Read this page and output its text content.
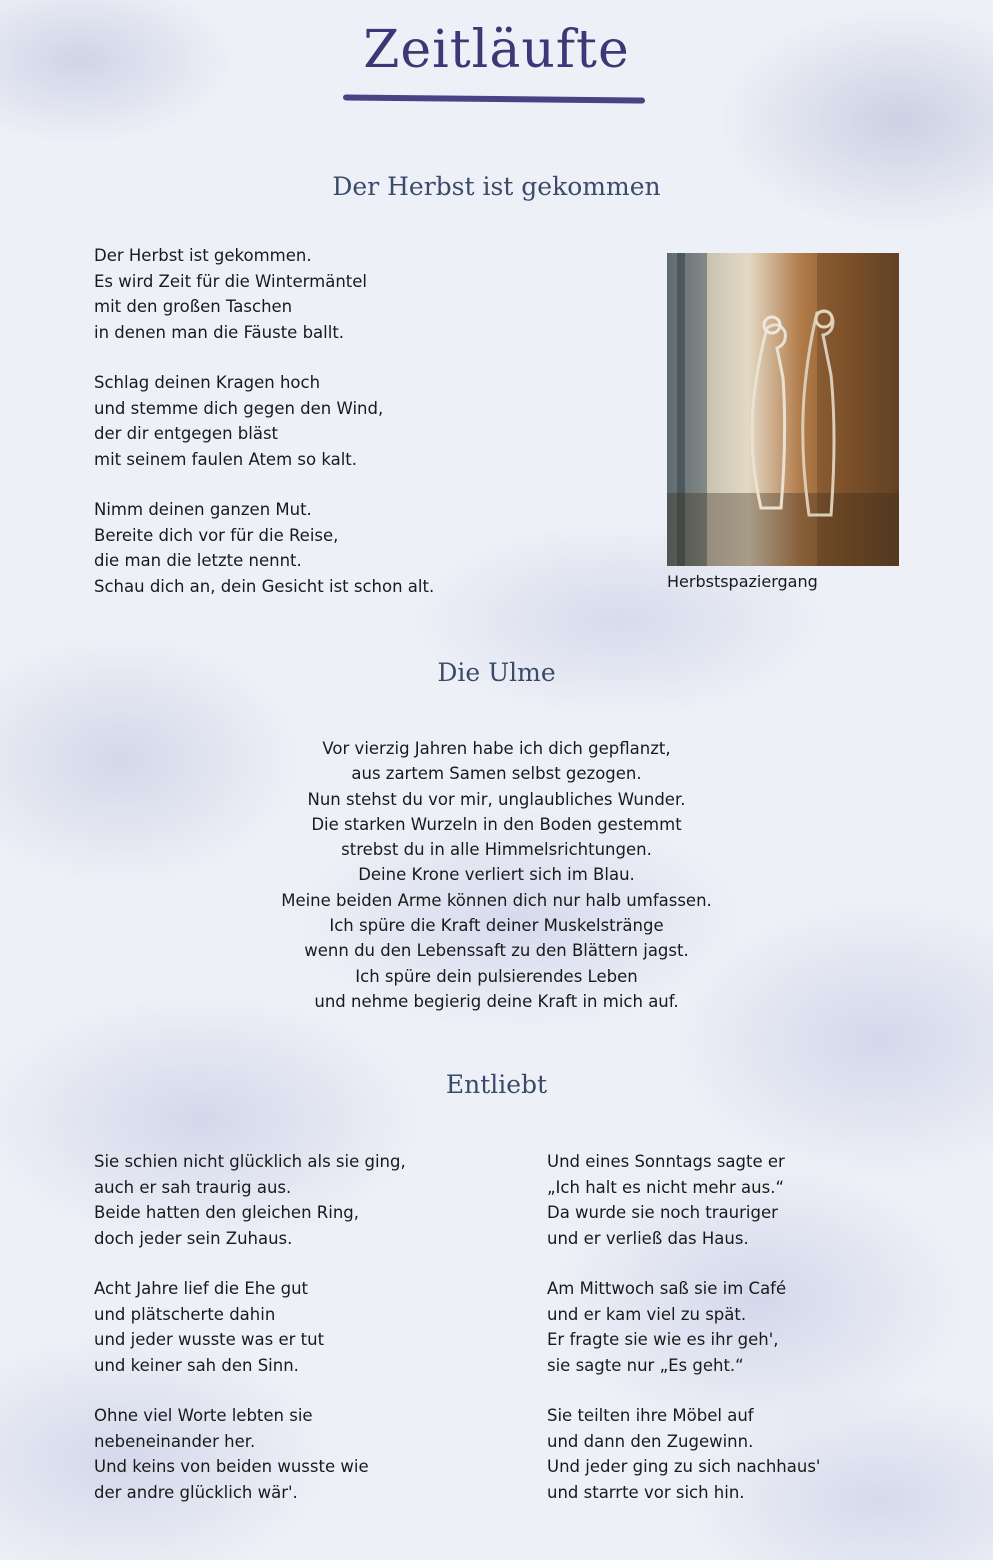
Zeitläufte
Der Herbst ist gekommen
Der Herbst ist gekommen.
Es wird Zeit für die Wintermäntel
mit den großen Taschen
in denen man die Fäuste ballt.
Schlag deinen Kragen hoch
und stemme dich gegen den Wind,
der dir entgegen bläst
mit seinem faulen Atem so kalt.
Nimm deinen ganzen Mut.
Bereite dich vor für die Reise,
die man die letzte nennt.
Schau dich an, dein Gesicht ist schon alt.	Herbstspaziergang
Die Ulme
Vor vierzig Jahren habe ich dich gepflanzt,
aus zartem Samen selbst gezogen.
Nun stehst du vor mir, unglaubliches Wunder.
Die starken Wurzeln in den Boden gestemmt
strebst du in alle Himmelsrichtungen.
Deine Krone verliert sich im Blau.
Meine beiden Arme können dich nur halb umfassen.
Ich spüre die Kraft deiner Muskelstränge
wenn du den Lebenssaft zu den Blättern jagst.
Ich spüre dein pulsierendes Leben
und nehme begierig deine Kraft in mich auf.
Entliebt
Sie schien nicht glücklich als sie ging,
auch er sah traurig aus.
Beide hatten den gleichen Ring,
doch jeder sein Zuhaus.
Acht Jahre lief die Ehe gut
und plätscherte dahin
und jeder wusste was er tut
und keiner sah den Sinn.
Ohne viel Worte lebten sie
nebeneinander her.
Und keins von beiden wusste wie
der andre glücklich wär'.
Und eines Sonntags sagte er
„Ich halt es nicht mehr aus.“
Da wurde sie noch trauriger
und er verließ das Haus.
Am Mittwoch saß sie im Café
und er kam viel zu spät.
Er fragte sie wie es ihr geh',
sie sagte nur „Es geht.“
Sie teilten ihre Möbel auf
und dann den Zugewinn.
Und jeder ging zu sich nachhaus'
und starrte vor sich hin.
